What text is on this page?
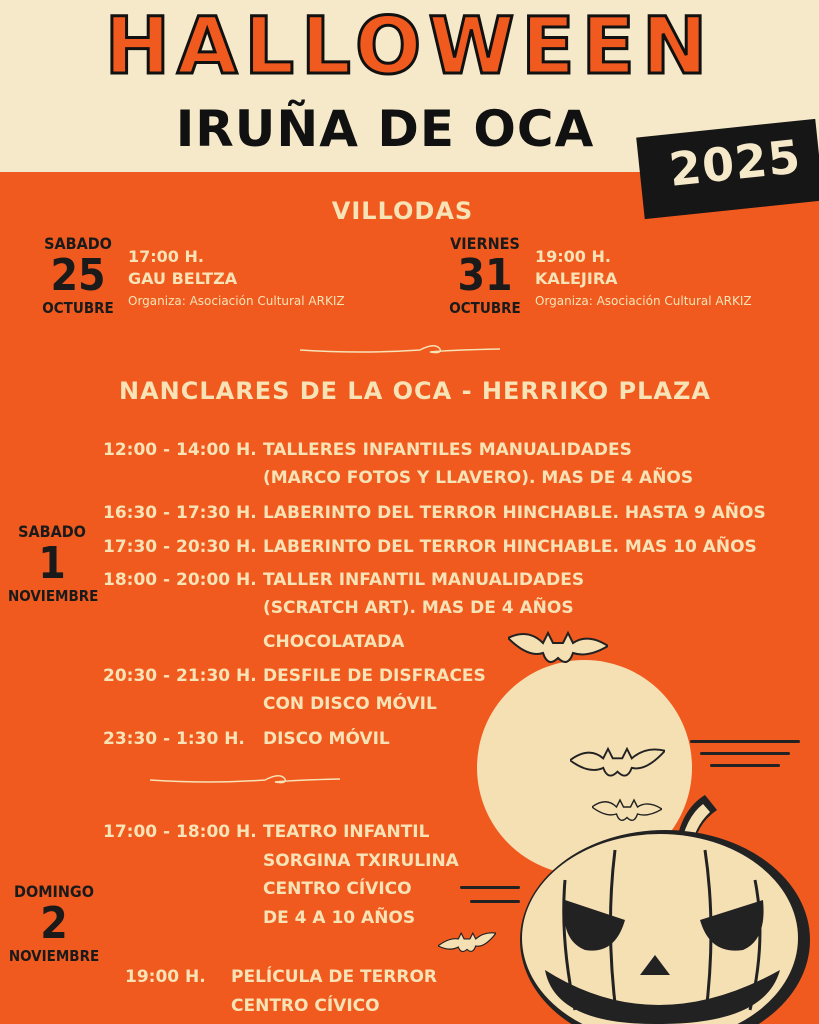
HALLOWEEN
IRUÑA DE OCA
2025
VILLODAS
SABADO
25
OCTUBRE
17:00 H.
GAU BELTZA
Organiza: Asociación Cultural ARKIZ
VIERNES
31
OCTUBRE
19:00 H.
KALEJIRA
Organiza: Asociación Cultural ARKIZ
NANCLARES DE LA OCA - HERRIKO PLAZA
SABADO
1
NOVIEMBRE
12:00 - 14:00 H. TALLERES INFANTILES MANUALIDADES
(MARCO FOTOS Y LLAVERO). MAS DE 4 AÑOS
16:30 - 17:30 H. LABERINTO DEL TERROR HINCHABLE. HASTA 9 AÑOS
17:30 - 20:30 H. LABERINTO DEL TERROR HINCHABLE. MAS 10 AÑOS
18:00 - 20:00 H. TALLER INFANTIL MANUALIDADES
(SCRATCH ART). MAS DE 4 AÑOS
CHOCOLATADA
20:30 - 21:30 H. DESFILE DE DISFRACES
CON DISCO MÓVIL
23:30 - 1:30 H. DISCO MÓVIL
DOMINGO
2
NOVIEMBRE
17:00 - 18:00 H. TEATRO INFANTIL
SORGINA TXIRULINA
CENTRO CÍVICO
DE 4 A 10 AÑOS
19:00 H. PELÍCULA DE TERROR
CENTRO CÍVICO
